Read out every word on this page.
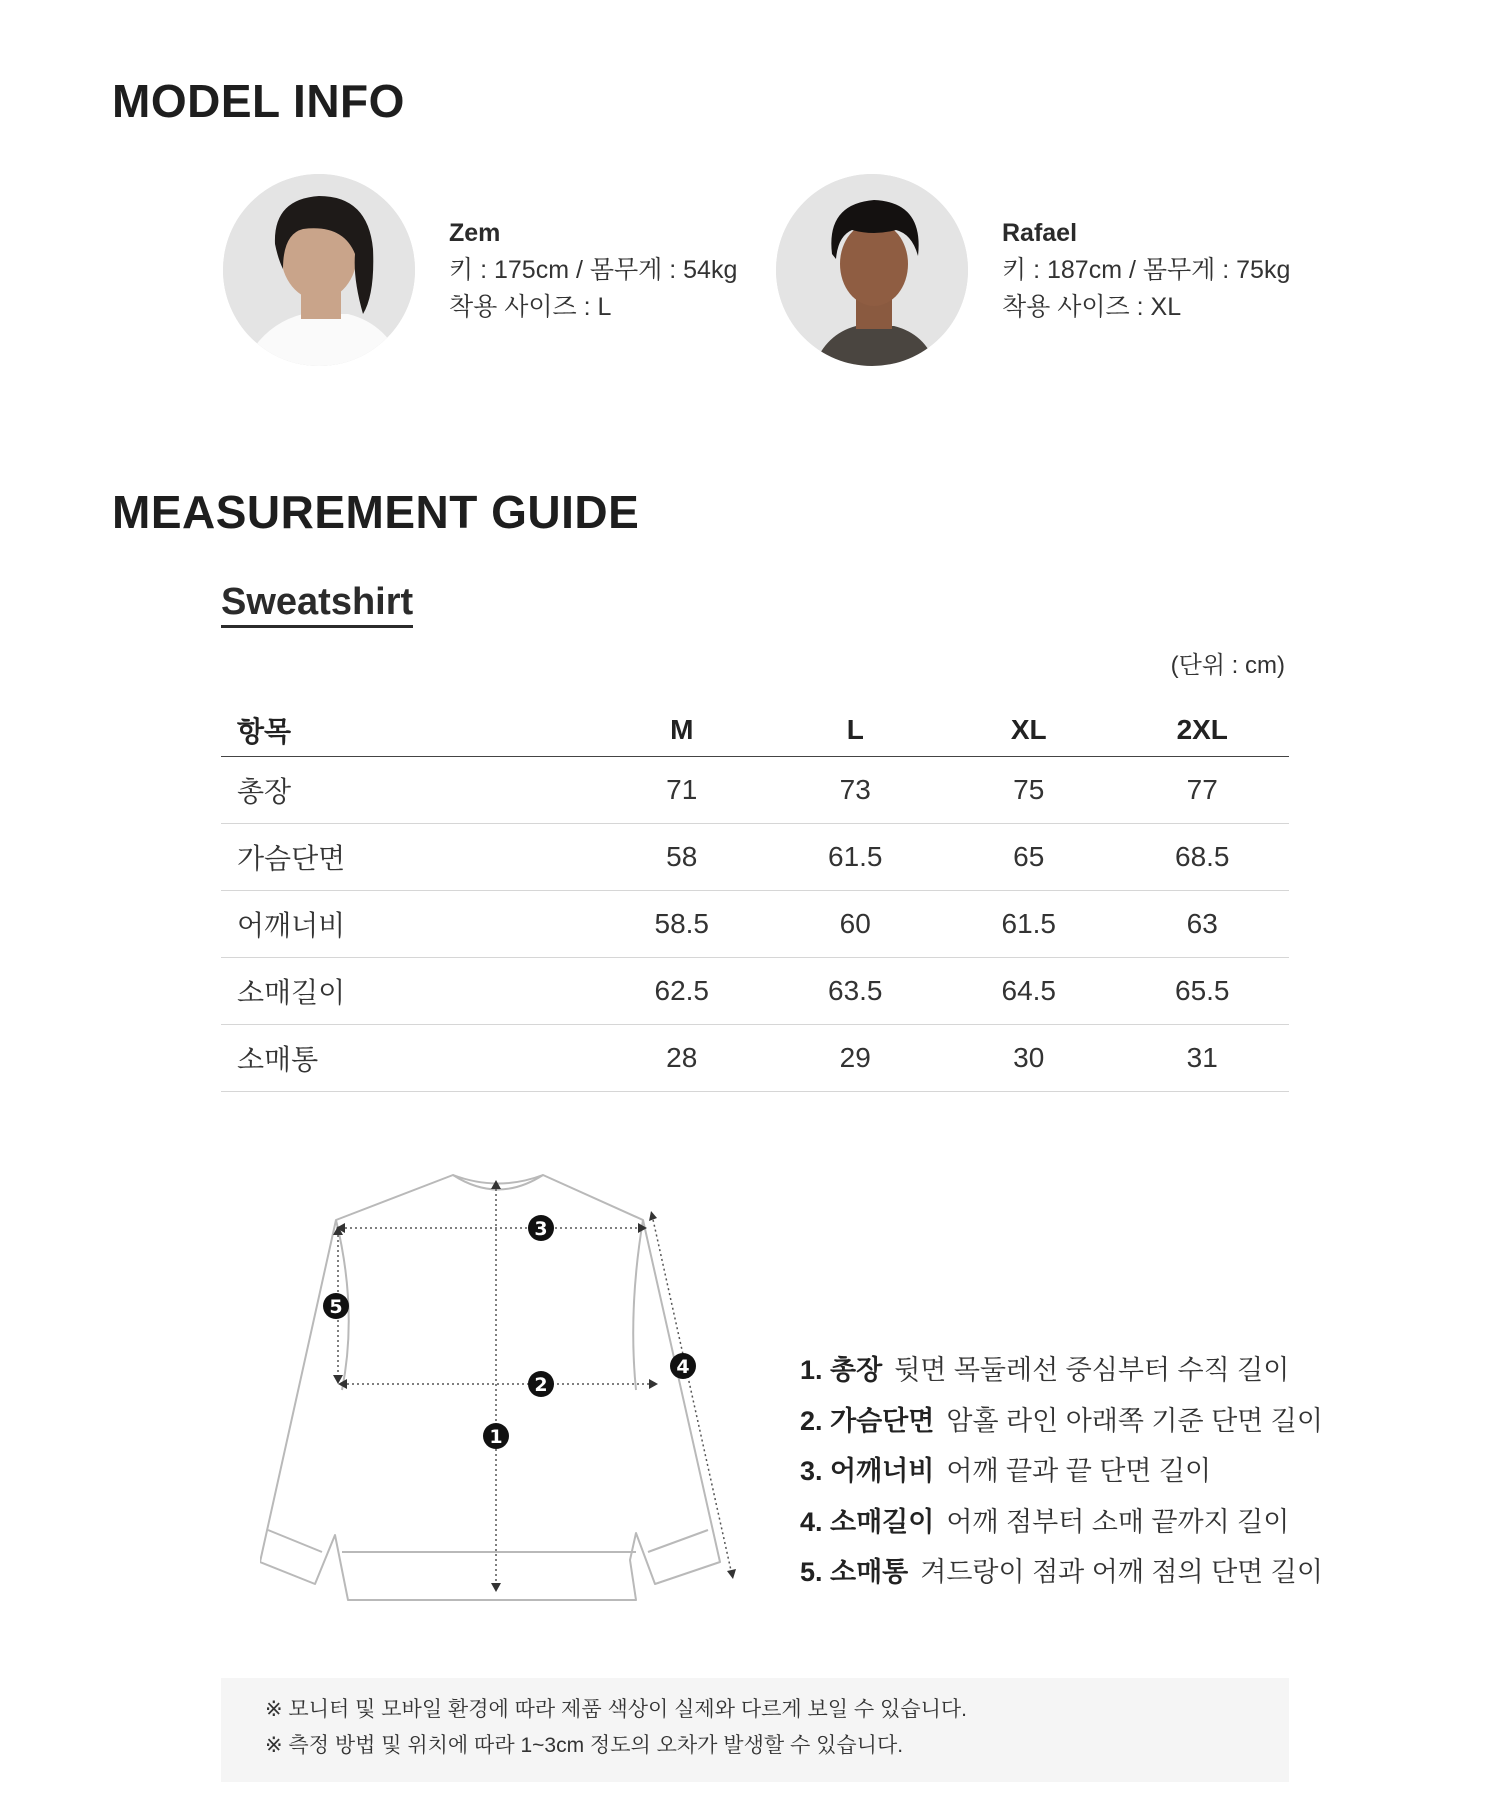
MODEL INFO
Zem
키 : 175cm / 몸무게 : 54kg
착용 사이즈 : L
Rafael
키 : 187cm / 몸무게 : 75kg
착용 사이즈 : XL
MEASUREMENT GUIDE
Sweatshirt
(단위 : cm)
항목	M	L	XL	2XL
총장	71	73	75	77
가슴단면	58	61.5	65	68.5
어깨너비	58.5	60	61.5	63
소매길이	62.5	63.5	64.5	65.5
소매통	28	29	30	31
1
2
3
4
5
1. 총장 뒷면 목둘레선 중심부터 수직 길이
2. 가슴단면 암홀 라인 아래쪽 기준 단면 길이
3. 어깨너비 어깨 끝과 끝 단면 길이
4. 소매길이 어깨 점부터 소매 끝까지 길이
5. 소매통 겨드랑이 점과 어깨 점의 단면 길이
※ 모니터 및 모바일 환경에 따라 제품 색상이 실제와 다르게 보일 수 있습니다.
※ 측정 방법 및 위치에 따라 1~3cm 정도의 오차가 발생할 수 있습니다.
